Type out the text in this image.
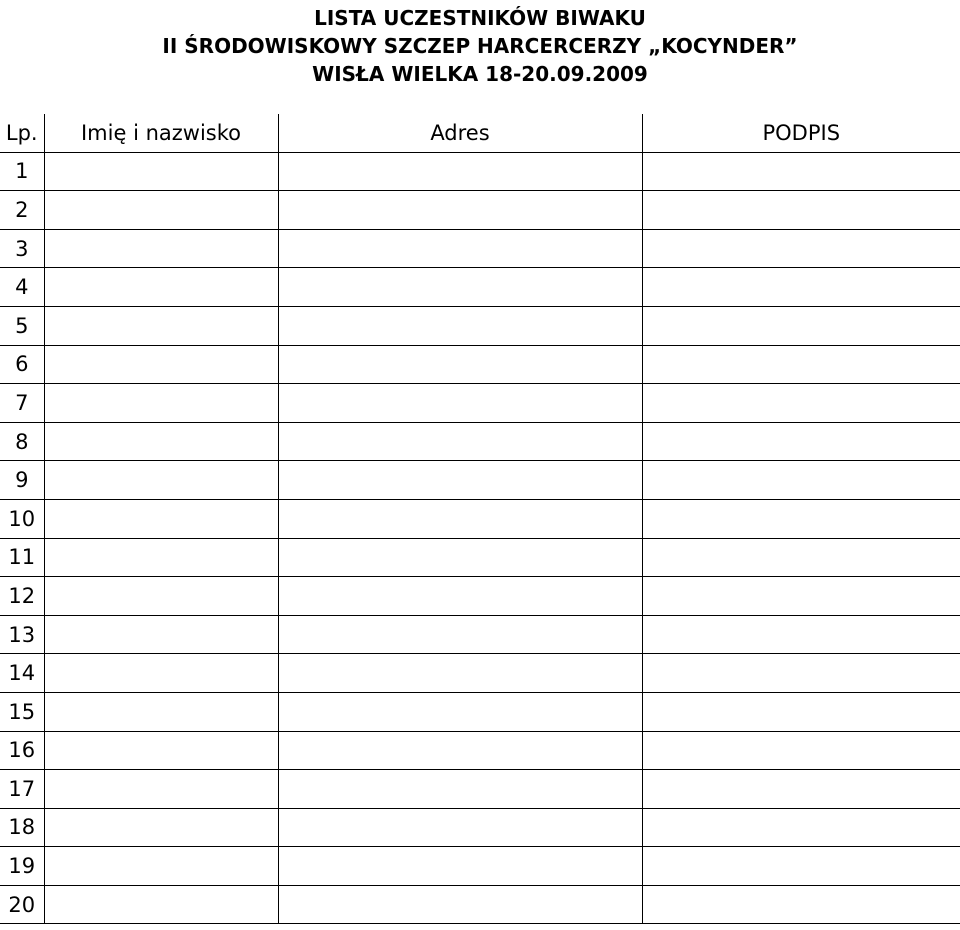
LISTA UCZESTNIKÓW BIWAKU
II ŚRODOWISKOWY SZCZEP HARCERCERZY „KOCYNDER”
WISŁA WIELKA 18-20.09.2009
Lp.	Imię i nazwisko	Adres	PODPIS
1			
2			
3			
4			
5			
6			
7			
8			
9			
10			
11			
12			
13			
14			
15			
16			
17			
18			
19			
20			
